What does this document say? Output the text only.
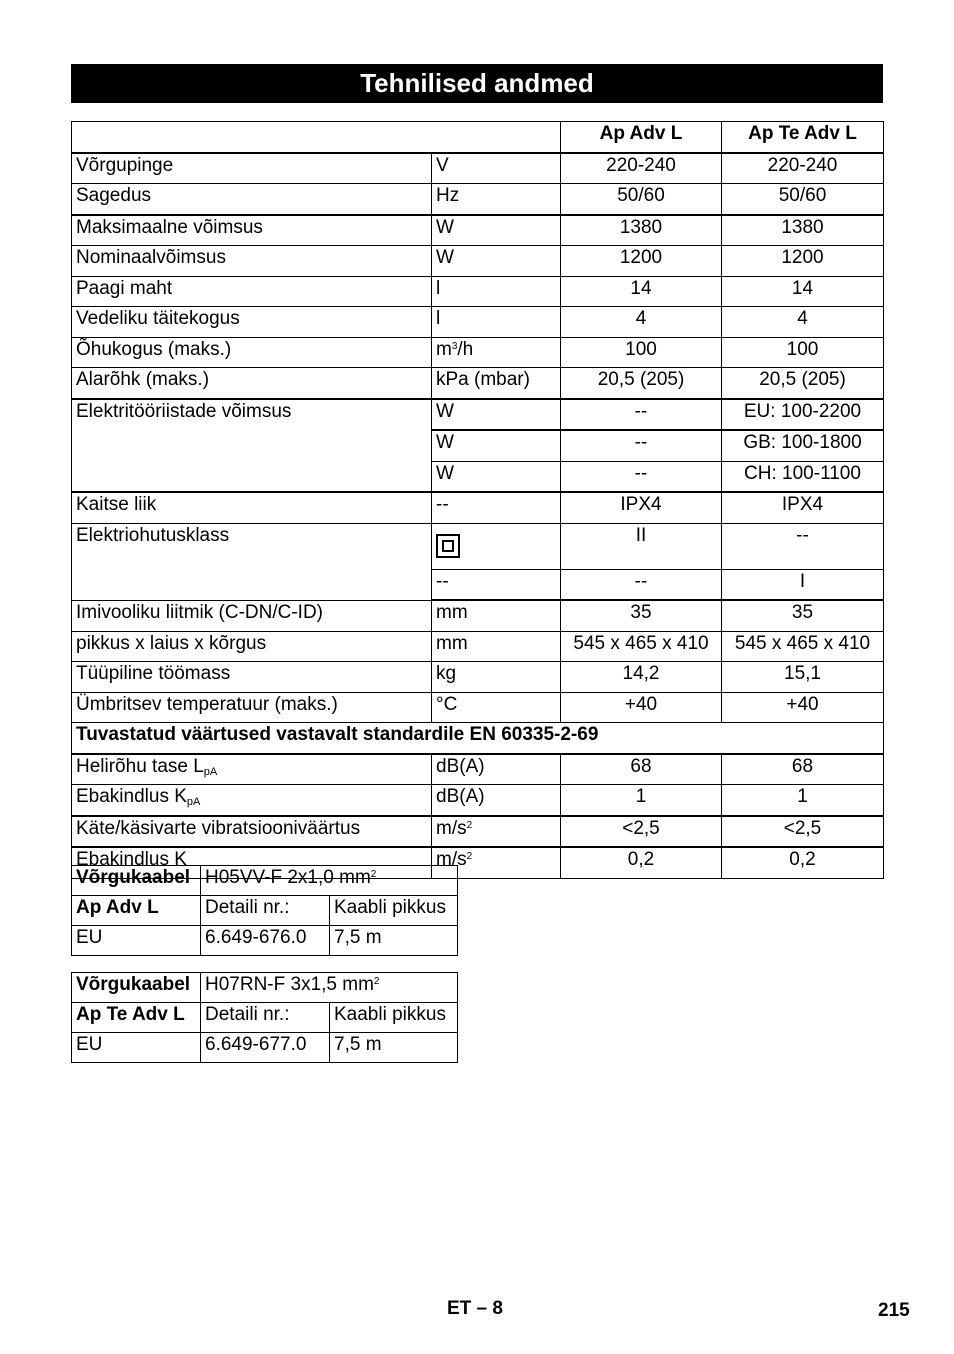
Tehnilised andmed
		Ap Adv L	Ap Te Adv L
Võrgupinge	V	220-240	220-240
Sagedus	Hz	50/60	50/60
Maksimaalne võimsus	W	1380	1380
Nominaalvõimsus	W	1200	1200
Paagi maht	l	14	14
Vedeliku täitekogus	l	4	4
Õhukogus (maks.)	$m^3/h$	100	100
Alarõhk (maks.)	kPa (mbar)	20,5 (205)	20,5 (205)
Elektritööriistade võimsus	W	--	EU: 100-2200
	W	--	GB: 100-1800
	W	--	CH: 100-1100
Kaitse liik	--	IPX4	IPX4
Elektriohutusklass		II	--
	--	--	I
Imivooliku liitmik (C-DN/C-ID)	mm	35	35
pikkus x laius x kõrgus	mm	545 x 465 x 410	545 x 465 x 410
Tüüpiline töömass	kg	14,2	15,1
Ümbritsev temperatuur (maks.)	°C	+40	+40
Tuvastatud väärtused vastavalt standardile EN 60335-2-69			
Helirõhu tase $L_{pA}$	dB(A)	68	68
Ebakindlus $K_{pA}$	dB(A)	1	1
Käte/käsivarte vibratsiooniväärtus	$m/s^2$	<2,5	<2,5
Ebakindlus K	$m/s^2$	0,2	0,2
Võrgukaabel	H05VV-F 2x1,0 $mm^2$
Ap Adv L	Detaili nr.:	Kaabli pikkus
EU	6.649-676.0	7,5 m
Võrgukaabel	H07RN-F 3x1,5 $mm^2$
Ap Te Adv L	Detaili nr.:	Kaabli pikkus
EU	6.649-677.0	7,5 m
ET – 8	215
